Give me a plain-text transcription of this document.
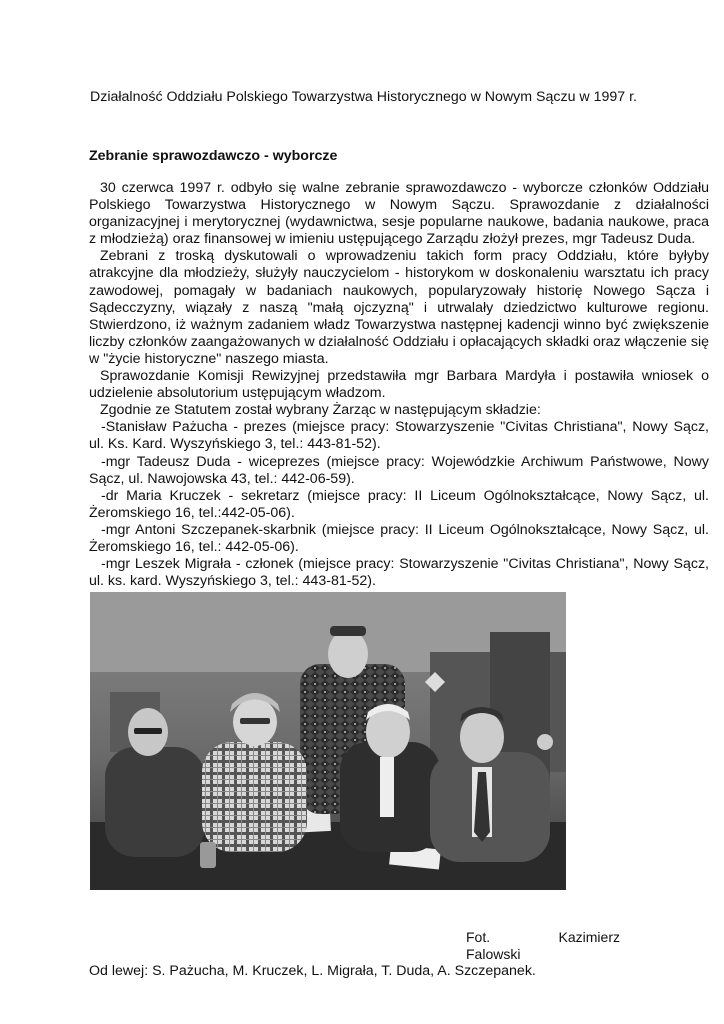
Działalność Oddziału Polskiego Towarzystwa Historycznego w Nowym Sączu w 1997 r.
Zebranie sprawozdawczo - wyborcze

30 czerwca 1997 r. odbyło się walne zebranie sprawozdawczo - wyborcze członków Oddziału Polskiego Towarzystwa Historycznego w Nowym Sączu. Sprawozdanie z działalności organizacyjnej i merytorycznej (wydawnictwa, sesje popularne naukowe, badania naukowe, praca z młodzieżą) oraz finansowej w imieniu ustępującego Zarządu złożył prezes, mgr Tadeusz Duda.

Zebrani z troską dyskutowali o wprowadzeniu takich form pracy Oddziału, które byłyby atrakcyjne dla młodzieży, służyły nauczycielom - historykom w doskonaleniu warsztatu ich pracy zawodowej, pomagały w badaniach naukowych, popularyzowały historię Nowego Sącza i Sądecczyzny, wiązały z naszą "małą ojczyzną" i utrwalały dziedzictwo kulturowe regionu. Stwierdzono, iż ważnym zadaniem władz Towarzystwa następnej kadencji winno być zwiększenie liczby członków zaangażowanych w działalność Oddziału i opłacających składki oraz włączenie się w "życie historyczne" naszego miasta.

Sprawozdanie Komisji Rewizyjnej przedstawiła mgr Barbara Mardyła i postawiła wniosek o udzielenie absolutorium ustępującym władzom.

Zgodnie ze Statutem został wybrany Żarząc w następującym składzie:

-Stanisław Pażucha - prezes (miejsce pracy: Stowarzyszenie "Civitas Christiana", Nowy Sącz, ul. Ks. Kard. Wyszyńskiego 3, tel.: 443-81-52).

-mgr Tadeusz Duda - wiceprezes (miejsce pracy: Wojewódzkie Archiwum Państwowe, Nowy Sącz, ul. Nawojowska 43, tel.: 442-06-59).

-dr Maria Kruczek - sekretarz (miejsce pracy: II Liceum Ogólnokształcące, Nowy Sącz, ul. Żeromskiego 16, tel.:442-05-06).

-mgr Antoni Szczepanek-skarbnik (miejsce pracy: II Liceum Ogólnokształcące, Nowy Sącz, ul. Żeromskiego 16, tel.: 442-05-06).

-mgr Leszek Migrała - członek (miejsce pracy: Stowarzyszenie "Civitas Christiana", Nowy Sącz, ul. ks. kard. Wyszyńskiego 3, tel.: 443-81-52).

Fot.	Kazimierz
Falowski
Od lewej: S. Pażucha, M. Kruczek, L. Migrała, T. Duda, A. Szczepanek.
